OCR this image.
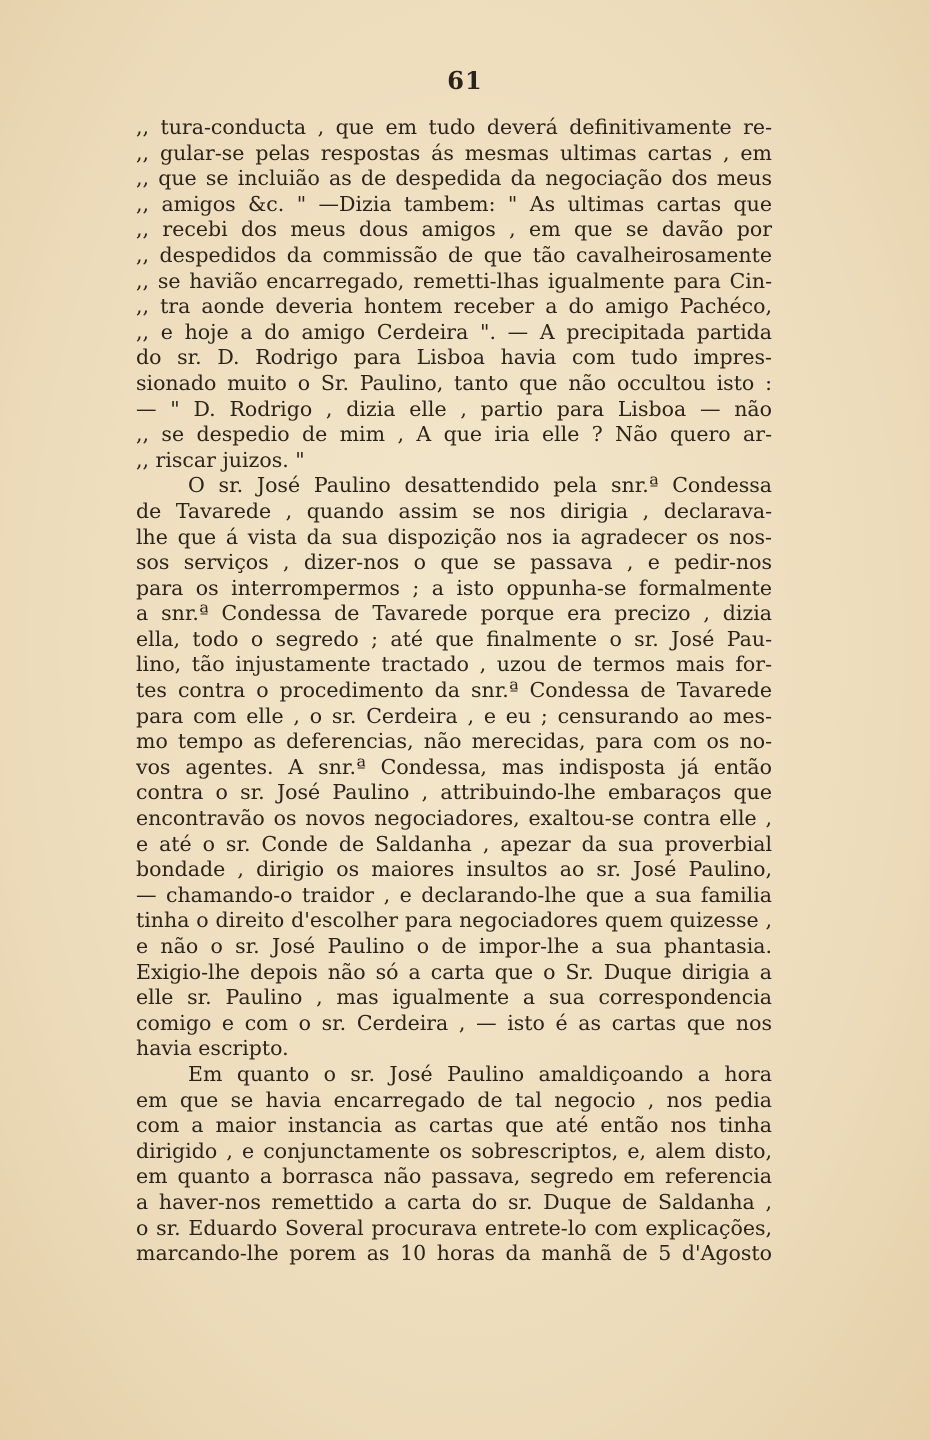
61
,, tura-conducta , que em tudo deverá definitivamente re-
,, gular-se pelas respostas ás mesmas ultimas cartas , em
,, que se incluião as de despedida da negociação dos meus
,, amigos &c. " —Dizia tambem: " As ultimas cartas que
,, recebi dos meus dous amigos , em que se davão por
,, despedidos da commissão de que tão cavalheirosamente
,, se havião encarregado, remetti-lhas igualmente para Cin-
,, tra aonde deveria hontem receber a do amigo Pachéco,
,, e hoje a do amigo Cerdeira ". — A precipitada partida
do sr. D. Rodrigo para Lisboa havia com tudo impres-
sionado muito o Sr. Paulino, tanto que não occultou isto :
— " D. Rodrigo , dizia elle , partio para Lisboa — não
,, se despedio de mim , A que iria elle ? Não quero ar-
,, riscar juizos. "
O sr. José Paulino desattendido pela snr.ª Condessa
de Tavarede , quando assim se nos dirigia , declarava-
lhe que á vista da sua dispozição nos ia agradecer os nos-
sos serviços , dizer-nos o que se passava , e pedir-nos
para os interrompermos ; a isto oppunha-se formalmente
a snr.ª Condessa de Tavarede porque era precizo , dizia
ella, todo o segredo ; até que finalmente o sr. José Pau-
lino, tão injustamente tractado , uzou de termos mais for-
tes contra o procedimento da snr.ª Condessa de Tavarede
para com elle , o sr. Cerdeira , e eu ; censurando ao mes-
mo tempo as deferencias, não merecidas, para com os no-
vos agentes. A snr.ª Condessa, mas indisposta já então
contra o sr. José Paulino , attribuindo-lhe embaraços que
encontravão os novos negociadores, exaltou-se contra elle ,
e até o sr. Conde de Saldanha , apezar da sua proverbial
bondade , dirigio os maiores insultos ao sr. José Paulino,
— chamando-o traidor , e declarando-lhe que a sua familia
tinha o direito d'escolher para negociadores quem quizesse ,
e não o sr. José Paulino o de impor-lhe a sua phantasia.
Exigio-lhe depois não só a carta que o Sr. Duque dirigia a
elle sr. Paulino , mas igualmente a sua correspondencia
comigo e com o sr. Cerdeira , — isto é as cartas que nos
havia escripto.
Em quanto o sr. José Paulino amaldiçoando a hora
em que se havia encarregado de tal negocio , nos pedia
com a maior instancia as cartas que até então nos tinha
dirigido , e conjunctamente os sobrescriptos, e, alem disto,
em quanto a borrasca não passava, segredo em referencia
a haver-nos remettido a carta do sr. Duque de Saldanha ,
o sr. Eduardo Soveral procurava entrete-lo com explicações,
marcando-lhe porem as 10 horas da manhã de 5 d'Agosto
